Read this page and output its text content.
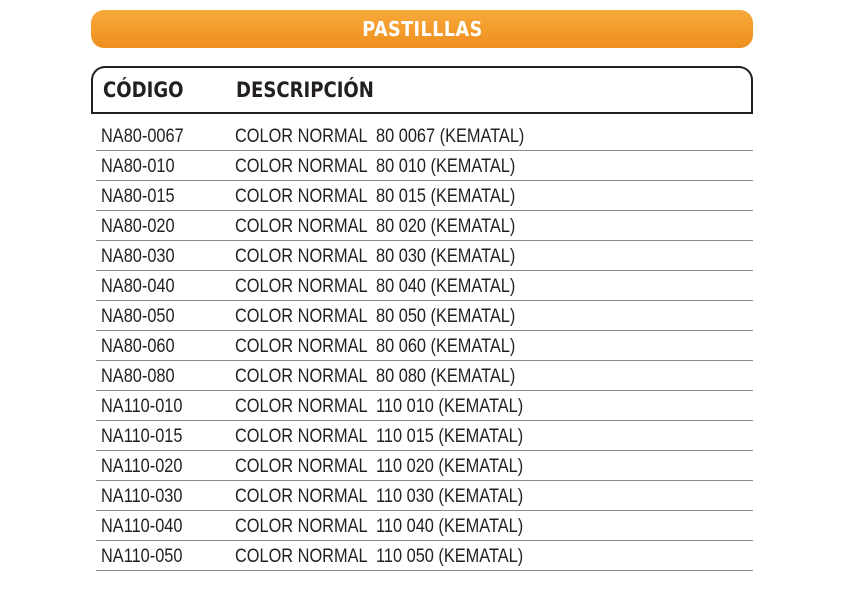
PASTILLLAS
CÓDIGO DESCRIPCIÓN
NA80-0067	COLOR NORMAL  80 0067 (KEMATAL)
NA80-010	COLOR NORMAL  80 010 (KEMATAL)
NA80-015	COLOR NORMAL  80 015 (KEMATAL)
NA80-020	COLOR NORMAL  80 020 (KEMATAL)
NA80-030	COLOR NORMAL  80 030 (KEMATAL)
NA80-040	COLOR NORMAL  80 040 (KEMATAL)
NA80-050	COLOR NORMAL  80 050 (KEMATAL)
NA80-060	COLOR NORMAL  80 060 (KEMATAL)
NA80-080	COLOR NORMAL  80 080 (KEMATAL)
NA110-010	COLOR NORMAL  110 010 (KEMATAL)
NA110-015	COLOR NORMAL  110 015 (KEMATAL)
NA110-020	COLOR NORMAL  110 020 (KEMATAL)
NA110-030	COLOR NORMAL  110 030 (KEMATAL)
NA110-040	COLOR NORMAL  110 040 (KEMATAL)
NA110-050	COLOR NORMAL  110 050 (KEMATAL)
